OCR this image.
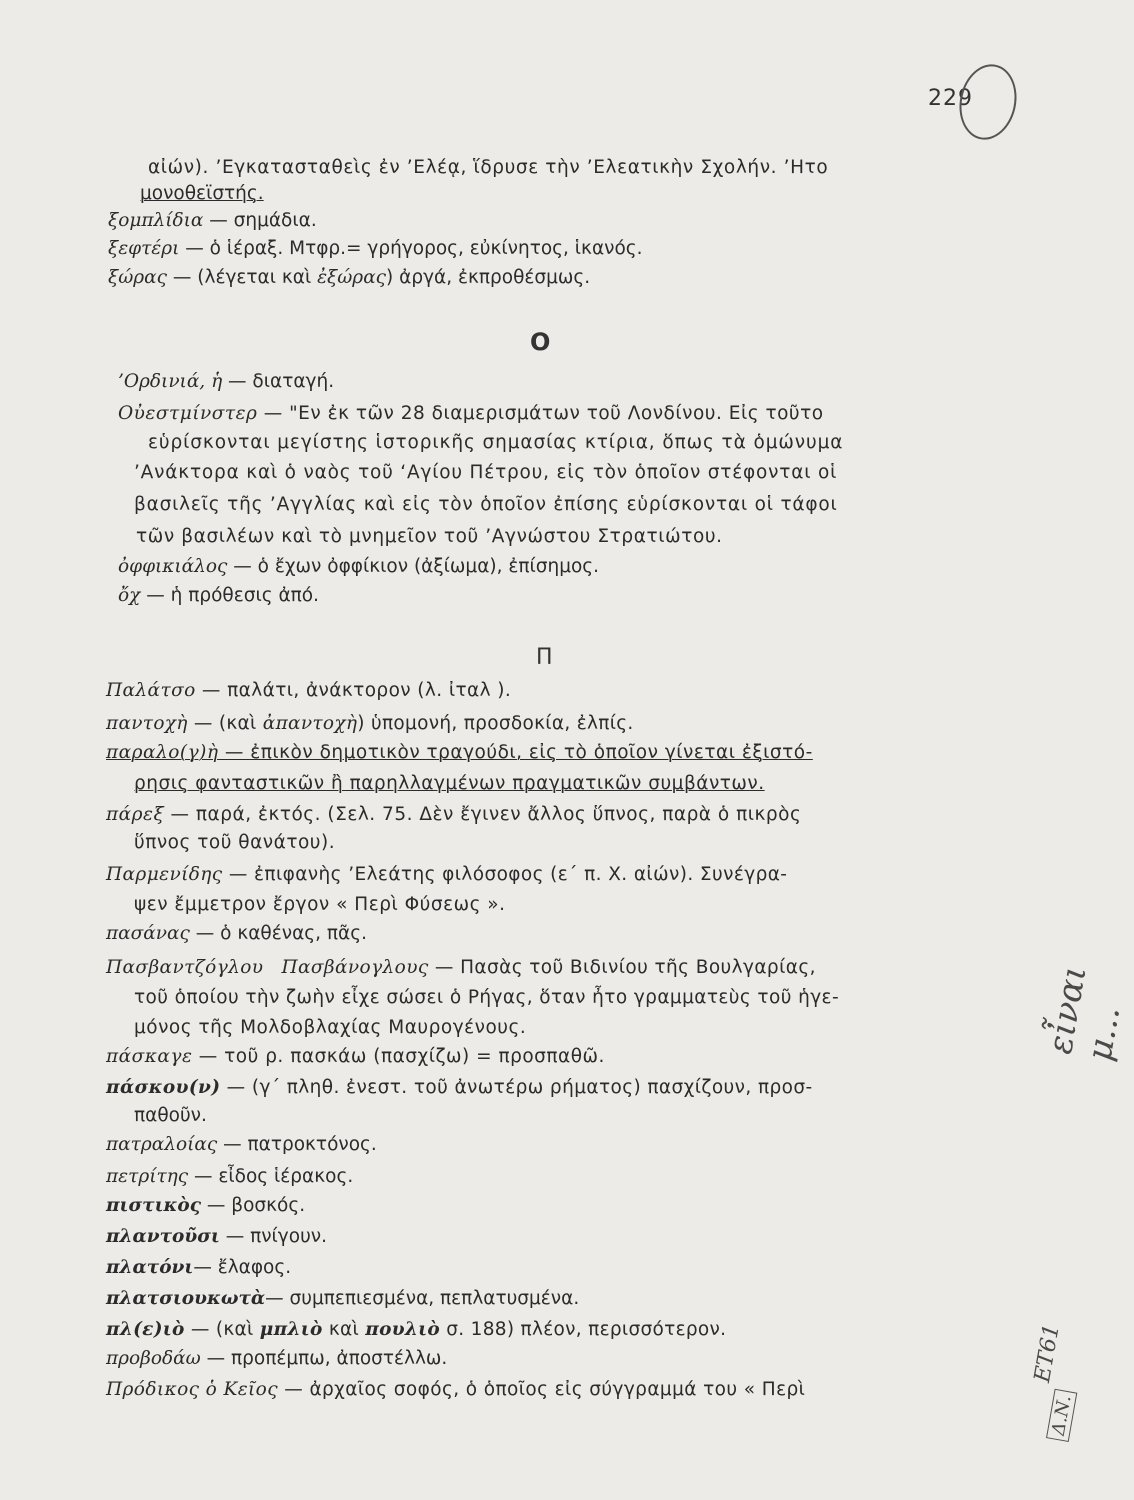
229
αἰών). ’Εγκατασταθεὶς ἐν ’Ελέᾳ, ἵδρυσε τὴν ’Ελεατικὴν Σχολήν. ’Ητο
μονοθεϊστής.
ξομπλίδια — σημάδια.
ξεφτέρι — ὁ ἱέραξ. Μτφρ.= γρήγορος, εὐκίνητος, ἱκανός.
ξώρας — (λέγεται καὶ ἐξώρας) ἀργά, ἐκπροθέσμως.
Ο
’Ορδινιά, ἡ — διαταγή.
Οὐεστμίνστερ — "Εν ἐκ τῶν 28 διαμερισμάτων τοῦ Λονδίνου. Εἰς τοῦτο
εὑρίσκονται μεγίστης ἱστορικῆς σημασίας κτίρια, ὅπως τὰ ὁμώνυμα
’Ανάκτορα καὶ ὁ ναὸς τοῦ ‘Αγίου Πέτρου, εἰς τὸν ὁποῖον στέφονται οἱ
βασιλεῖς τῆς ’Αγγλίας καὶ εἰς τὸν ὁποῖον ἐπίσης εὑρίσκονται οἱ τάφοι
τῶν βασιλέων καὶ τὸ μνημεῖον τοῦ ’Αγνώστου Στρατιώτου.
ὀφφικιάλος — ὁ ἔχων ὀφφίκιον (ἀξίωμα), ἐπίσημος.
ὄχ — ἡ πρόθεσις ἀπό.
Π
Παλάτσο — παλάτι, ἀνάκτορον (λ. ἰταλ ).
παντοχὴ — (καὶ ἀπαντοχὴ) ὑπομονή, προσδοκία, ἐλπίς.
παραλο(γ)ὴ — ἐπικὸν δημοτικὸν τραγούδι, εἰς τὸ ὁποῖον γίνεται ἐξιστό-
ρησις φανταστικῶν ἢ παρηλλαγμένων πραγματικῶν συμβάντων.
πάρεξ — παρά, ἐκτός. (Σελ. 75. Δὲν ἔγινεν ἄλλος ὕπνος, παρὰ ὁ πικρὸς
ὕπνος τοῦ θανάτου).
Παρμενίδης — ἐπιφανὴς ’Ελεάτης φιλόσοφος (ε΄ π. Χ. αἰών). Συνέγρα-
ψεν ἔμμετρον ἔργον « Περὶ Φύσεως ».
πασάνας — ὁ καθένας, πᾶς.
Πασβαντζόγλου Πασβάνογλους — Πασὰς τοῦ Βιδινίου τῆς Βουλγαρίας,
τοῦ ὁποίου τὴν ζωὴν εἶχε σώσει ὁ Ρήγας, ὅταν ἦτο γραμματεὺς τοῦ ἡγε-
μόνος τῆς Μολδοβλαχίας Μαυρογένους.
πάσκαγε — τοῦ ρ. πασκάω (πασχίζω) = προσπαθῶ.
πάσκου(ν) — (γ΄ πληθ. ἐνεστ. τοῦ ἀνωτέρω ρήματος) πασχίζουν, προσ-
παθοῦν.
πατραλοίας — πατροκτόνος.
πετρίτης — εἶδος ἱέρακος.
πιστικὸς — βοσκός.
πλαντοῦσι — πνίγουν.
πλατόνι— ἔλαφος.
πλατσιουκωτὰ— συμπεπιεσμένα, πεπλατυσμένα.
πλ(ε)ιὸ — (καὶ μπλιὸ καὶ πουλιὸ σ. 188) πλέον, περισσότερον.
προβοδάω — προπέμπω, ἀποστέλλω.
Πρόδικος ὁ Κεῖος — ἀρχαῖος σοφός, ὁ ὁποῖος εἰς σύγγραμμά του « Περὶ
εἶναι μ...
ΕΤ61
Δ.Ν.
